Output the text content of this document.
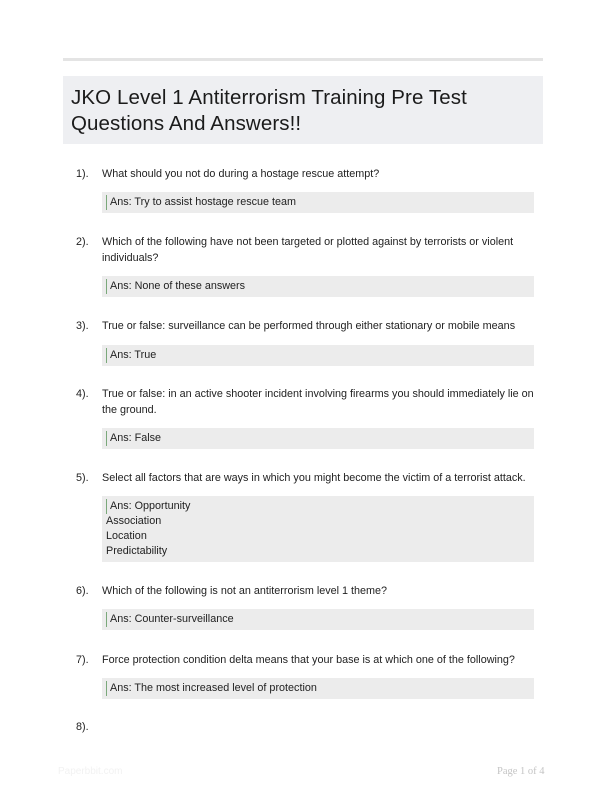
JKO Level 1 Antiterrorism Training Pre Test Questions And Answers!!
1). What should you not do during a hostage rescue attempt?
Ans: Try to assist hostage rescue team
2). Which of the following have not been targeted or plotted against by terrorists or violent individuals?
Ans: None of these answers
3). True or false: surveillance can be performed through either stationary or mobile means
Ans: True
4). True or false: in an active shooter incident involving firearms you should immediately lie on the ground.
Ans: False
5). Select all factors that are ways in which you might become the victim of a terrorist attack.
Ans: Opportunity
Association
Location
Predictability
6). Which of the following is not an antiterrorism level 1 theme?
Ans: Counter-surveillance
7). Force protection condition delta means that your base is at which one of the following?
Ans: The most increased level of protection
8).
Paperbbit.com	Page 1 of 4
